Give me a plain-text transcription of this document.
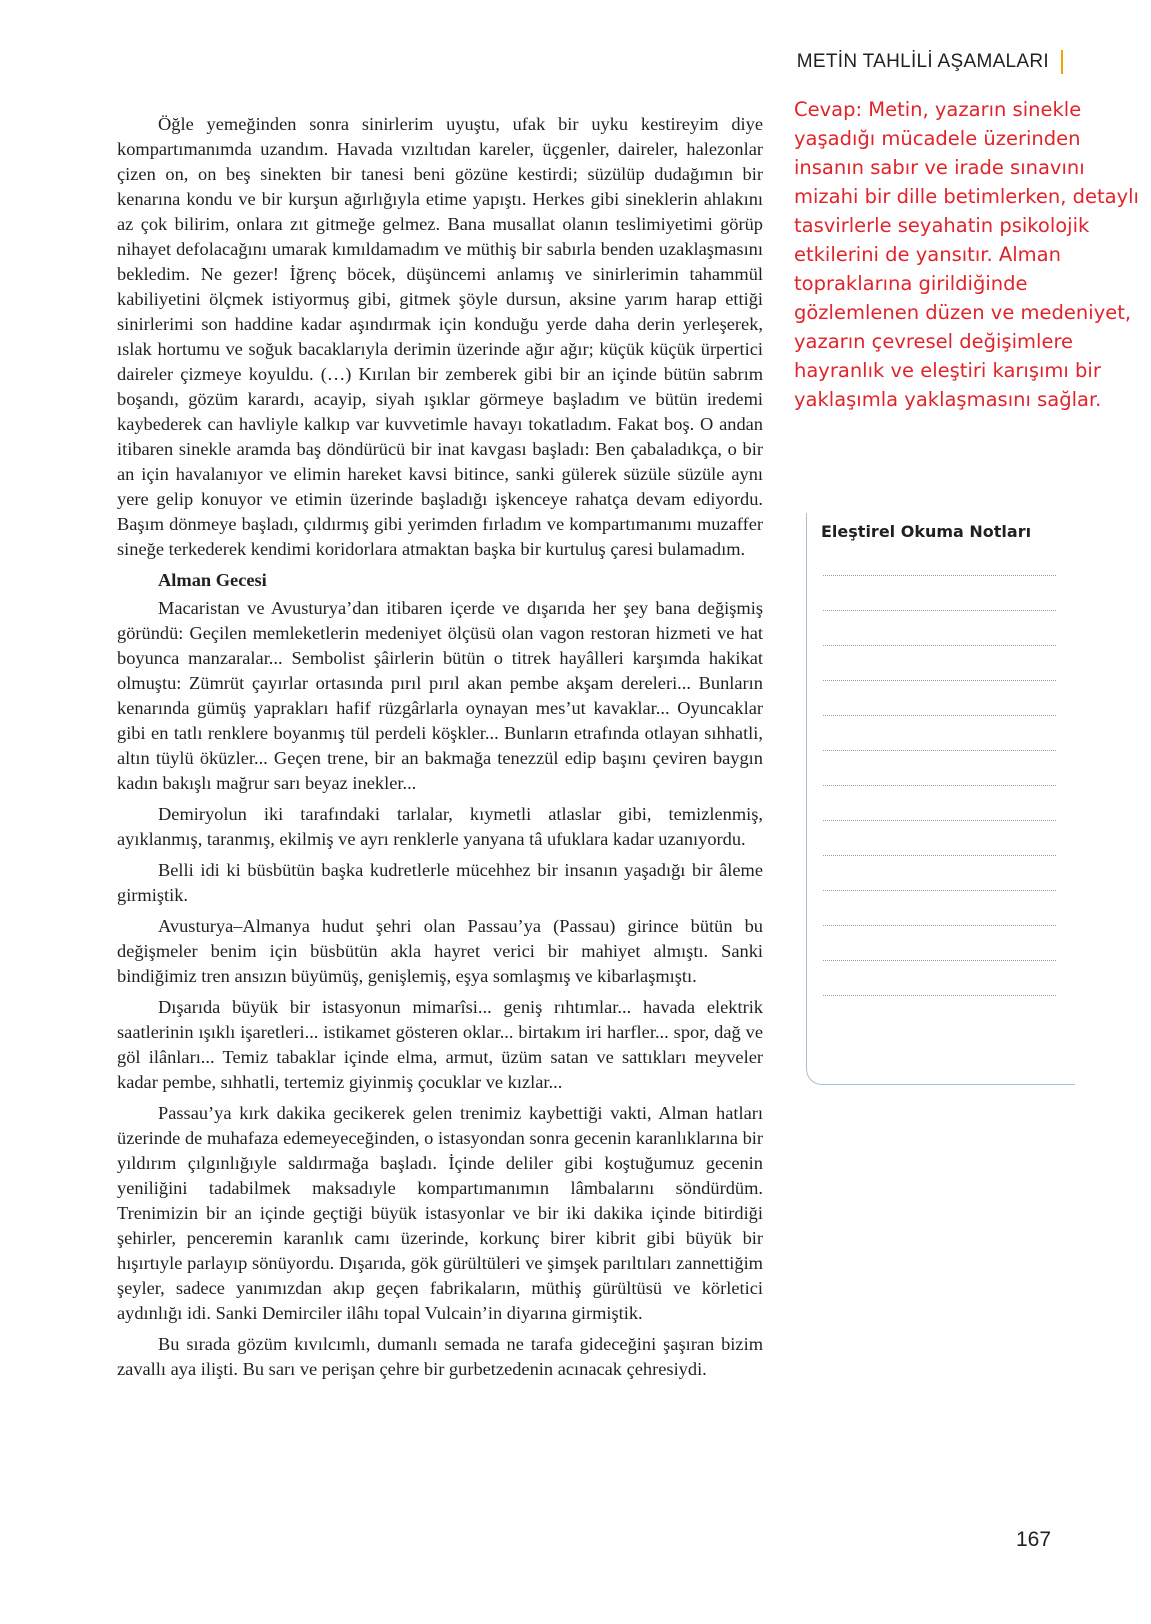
METİN TAHLİLİ AŞAMALARI
Cevap: Metin, yazarın sinekle
yaşadığı mücadele üzerinden
insanın sabır ve irade sınavını
mizahi bir dille betimlerken, detaylı
tasvirlerle seyahatin psikolojik
etkilerini de yansıtır. Alman
topraklarına girildiğinde
gözlemlenen düzen ve medeniyet,
yazarın çevresel değişimlere
hayranlık ve eleştiri karışımı bir
yaklaşımla yaklaşmasını sağlar.

Öğle yemeğinden sonra sinirlerim uyuştu, ufak bir uyku kestireyim diye kompartımanımda uzandım. Havada vızıltıdan kareler, üçgenler, daireler, halezonlar çizen on, on beş sinekten bir tanesi beni gözüne kestirdi; süzülüp dudağımın bir kenarına kondu ve bir kurşun ağırlığıyla etime yapıştı. Herkes gibi sineklerin ahlakını az çok bilirim, onlara zıt gitmeğe gelmez. Bana musallat olanın teslimiyetimi görüp nihayet defolacağını umarak kımıldamadım ve müthiş bir sabırla benden uzaklaşmasını bekledim. Ne gezer! İğrenç böcek, düşüncemi anlamış ve sinirlerimin tahammül kabiliyetini ölçmek istiyormuş gibi, gitmek şöyle dursun, aksine yarım harap ettiği sinirlerimi son haddine kadar aşındırmak için konduğu yerde daha derin yerleşerek, ıslak hortumu ve soğuk bacaklarıyla derimin üzerinde ağır ağır; küçük küçük ürpertici daireler çizmeye koyuldu. (…) Kırılan bir zemberek gibi bir an içinde bütün sabrım boşandı, gözüm karardı, acayip, siyah ışıklar görmeye başladım ve bütün iredemi kaybederek can havliyle kalkıp var kuvvetimle havayı tokatladım. Fakat boş. O andan itibaren sinekle aramda baş döndürücü bir inat kavgası başladı: Ben çabaladıkça, o bir an için havalanıyor ve elimin hareket kavsi bitince, sanki gülerek süzüle süzüle aynı yere gelip konuyor ve etimin üzerinde başladığı işkenceye rahatça devam ediyordu. Başım dönmeye başladı, çıldırmış gibi yerimden fırladım ve kompartımanımı muzaffer sineğe terkederek kendimi koridorlara atmaktan başka bir kurtuluş çaresi bulamadım.

Alman Gecesi

Macaristan ve Avusturya’dan itibaren içerde ve dışarıda her şey bana değişmiş göründü: Geçilen memleketlerin medeniyet ölçüsü olan vagon restoran hizmeti ve hat boyunca manzaralar... Sembolist şâirlerin bütün o titrek hayâlleri karşımda hakikat olmuştu: Zümrüt çayırlar ortasında pırıl pırıl akan pembe akşam dereleri... Bunların kenarında gümüş yaprakları hafif rüzgârlarla oynayan mes’ut kavaklar... Oyuncaklar gibi en tatlı renklere boyanmış tül perdeli köşkler... Bunların etrafında otlayan sıhhatli, altın tüylü öküzler... Geçen trene, bir an bakmağa tenezzül edip başını çeviren baygın kadın bakışlı mağrur sarı beyaz inekler...

Demiryolun iki tarafındaki tarlalar, kıymetli atlaslar gibi, temizlenmiş, ayıklanmış, taranmış, ekilmiş ve ayrı renklerle yanyana tâ ufuklara kadar uzanıyordu.

Belli idi ki büsbütün başka kudretlerle mücehhez bir insanın yaşadığı bir âleme girmiştik.

Avusturya–Almanya hudut şehri olan Passau’ya (Passau) girince bütün bu değişmeler benim için büsbütün akla hayret verici bir mahiyet almıştı. Sanki bindiğimiz tren ansızın büyümüş, genişlemiş, eşya somlaşmış ve kibarlaşmıştı.

Dışarıda büyük bir istasyonun mimarîsi... geniş rıhtımlar... havada elektrik saatlerinin ışıklı işaretleri... istikamet gösteren oklar... birtakım iri harfler... spor, dağ ve göl ilânları... Temiz tabaklar içinde elma, armut, üzüm satan ve sattıkları meyveler kadar pembe, sıhhatli, tertemiz giyinmiş çocuklar ve kızlar...

Passau’ya kırk dakika gecikerek gelen trenimiz kaybettiği vakti, Alman hatları üzerinde de muhafaza edemeyeceğinden, o istasyondan sonra gecenin karanlıklarına bir yıldırım çılgınlığıyle saldırmağa başladı. İçinde deliler gibi koştuğumuz gecenin yeniliğini tadabilmek maksadıyle kompartımanımın lâmbalarını söndürdüm. Trenimizin bir an içinde geçtiği büyük istasyonlar ve bir iki dakika içinde bitirdiği şehirler, penceremin karanlık camı üzerinde, korkunç birer kibrit gibi büyük bir hışırtıyle parlayıp sönüyordu. Dışarıda, gök gürültüleri ve şimşek parıltıları zannettiğim şeyler, sadece yanımızdan akıp geçen fabrikaların, müthiş gürültüsü ve körletici aydınlığı idi. Sanki Demirciler ilâhı topal Vulcain’in diyarına girmiştik.

Bu sırada gözüm kıvılcımlı, dumanlı semada ne tarafa gideceğini şaşıran bizim zavallı aya ilişti. Bu sarı ve perişan çehre bir gurbetzedenin acınacak çehresiydi.

Eleştirel Okuma Notları
167
